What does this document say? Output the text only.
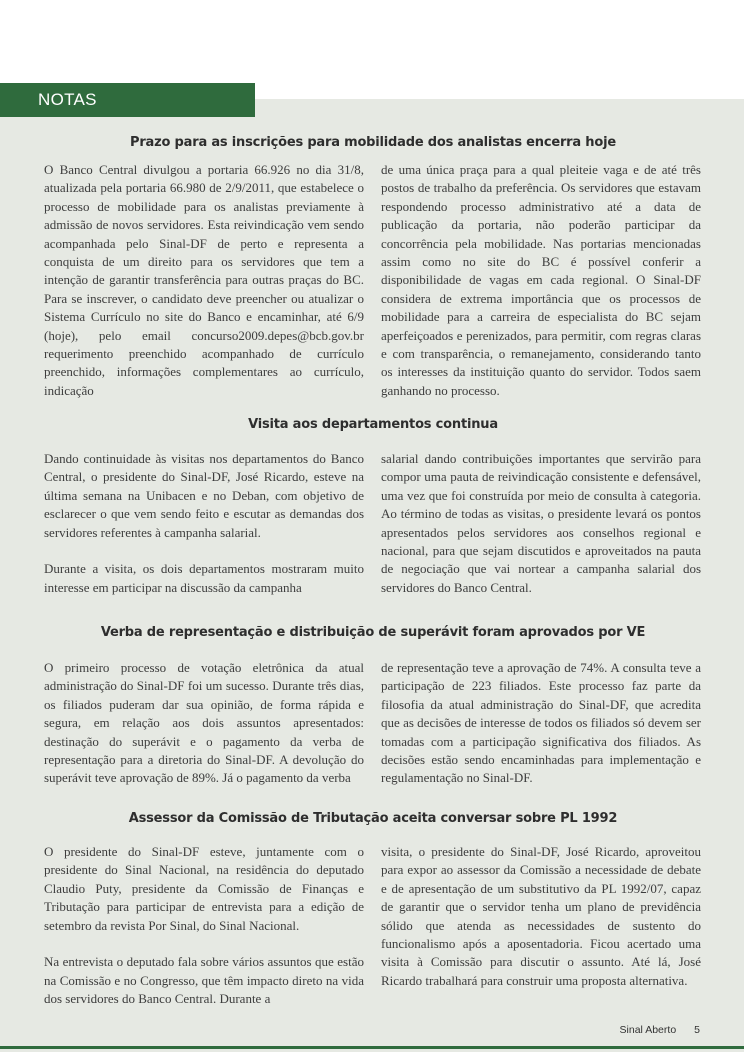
NOTAS
Prazo para as inscrições para mobilidade dos analistas encerra hoje

O Banco Central divulgou a portaria 66.926 no dia 31/8, atualizada pela portaria 66.980 de 2/9/2011, que estabelece o processo de mobilidade para os analistas previamente à admissão de novos servidores. Esta reivindicação vem sendo acompanhada pelo Sinal-DF de perto e representa a conquista de um direito para os servidores que tem a intenção de garantir transferência para outras praças do BC. Para se inscrever, o candidato deve preencher ou atualizar o Sistema Currículo no site do Banco e encaminhar, até 6/9 (hoje), pelo email concurso2009.depes@bcb.gov.br requerimento preenchido acompanhado de currículo preenchido, informações complementares ao currículo, indicação

de uma única praça para a qual pleiteie vaga e de até três postos de trabalho da preferência. Os servidores que estavam respondendo processo administrativo até a data de publicação da portaria, não poderão participar da concorrência pela mobilidade. Nas portarias mencionadas assim como no site do BC é possível conferir a disponibilidade de vagas em cada regional. O Sinal-DF considera de extrema importância que os processos de mobilidade para a carreira de especialista do BC sejam aperfeiçoados e perenizados, para permitir, com regras claras e com transparência, o remanejamento, considerando tanto os interesses da instituição quanto do servidor. Todos saem ganhando no processo.

Visita aos departamentos continua

Dando continuidade às visitas nos departamentos do Banco Central, o presidente do Sinal-DF, José Ricardo, esteve na última semana na Unibacen e no Deban, com objetivo de esclarecer o que vem sendo feito e escutar as demandas dos servidores referentes à campanha salarial.

Durante a visita, os dois departamentos mostraram muito interesse em participar na discussão da campanha

salarial dando contribuições importantes que servirão para compor uma pauta de reivindicação consistente e defensável, uma vez que foi construída por meio de consulta à categoria. Ao término de todas as visitas, o presidente levará os pontos apresentados pelos servidores aos conselhos regional e nacional, para que sejam discutidos e aproveitados na pauta de negociação que vai nortear a campanha salarial dos servidores do Banco Central.

Verba de representação e distribuição de superávit foram aprovados por VE

O primeiro processo de votação eletrônica da atual administração do Sinal-DF foi um sucesso. Durante três dias, os filiados puderam dar sua opinião, de forma rápida e segura, em relação aos dois assuntos apresentados: destinação do superávit e o pagamento da verba de representação para a diretoria do Sinal-DF. A devolução do superávit teve aprovação de 89%. Já o pagamento da verba

de representação teve a aprovação de 74%. A consulta teve a participação de 223 filiados. Este processo faz parte da filosofia da atual administração do Sinal-DF, que acredita que as decisões de interesse de todos os filiados só devem ser tomadas com a participação significativa dos filiados. As decisões estão sendo encaminhadas para implementação e regulamentação no Sinal-DF.

Assessor da Comissão de Tributação aceita conversar sobre PL 1992

O presidente do Sinal-DF esteve, juntamente com o presidente do Sinal Nacional, na residência do deputado Claudio Puty, presidente da Comissão de Finanças e Tributação para participar de entrevista para a edição de setembro da revista Por Sinal, do Sinal Nacional.

Na entrevista o deputado fala sobre vários assuntos que estão na Comissão e no Congresso, que têm impacto direto na vida dos servidores do Banco Central. Durante a

visita, o presidente do Sinal-DF, José Ricardo, aproveitou para expor ao assessor da Comissão a necessidade de debate e de apresentação de um substitutivo da PL 1992/07, capaz de garantir que o servidor tenha um plano de previdência sólido que atenda as necessidades de sustento do funcionalismo após a aposentadoria. Ficou acertado uma visita à Comissão para discutir o assunto. Até lá, José Ricardo trabalhará para construir uma proposta alternativa.

Sinal Aberto 5
